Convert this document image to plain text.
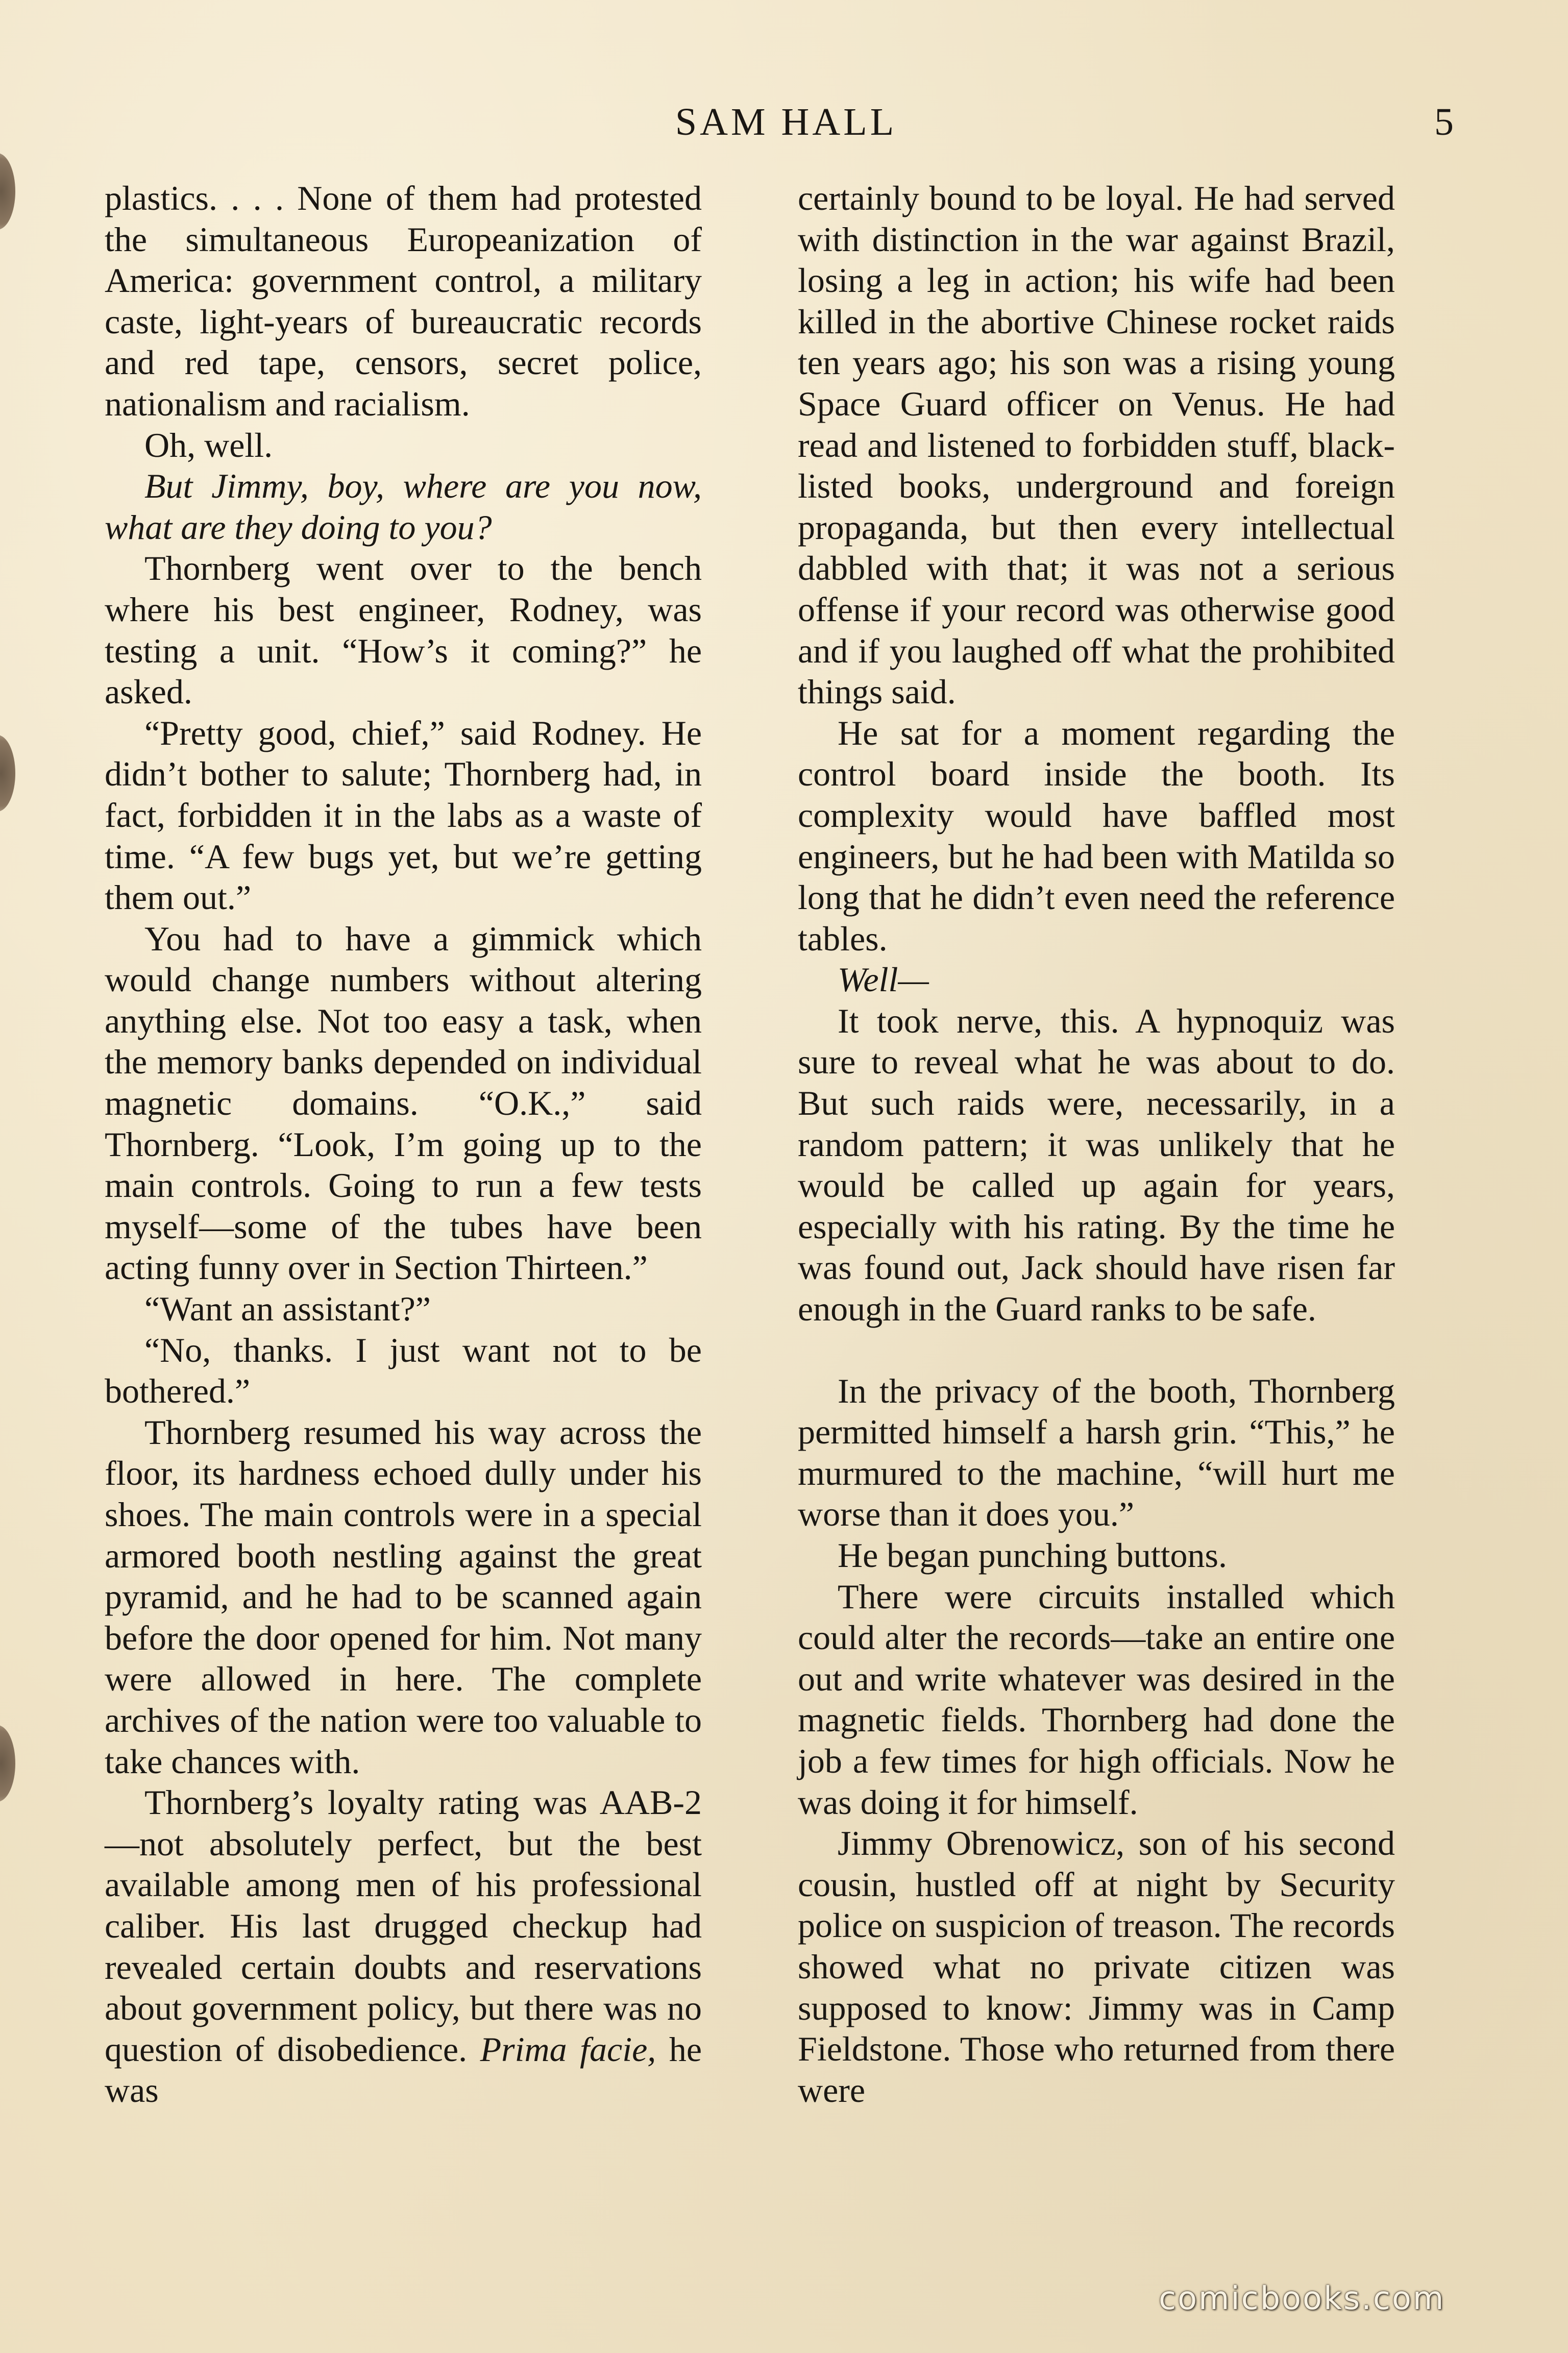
SAM HALL	5

plastics. . . . None of them had protested the simultaneous Europeanization of America: government control, a military caste, light-years of bureaucratic records and red tape, censors, secret police, nationalism and racialism.

Oh, well.

But Jimmy, boy, where are you now, what are they doing to you?

Thornberg went over to the bench where his best engineer, Rodney, was testing a unit. “How’s it coming?” he asked.

“Pretty good, chief,” said Rodney. He didn’t bother to salute; Thornberg had, in fact, forbidden it in the labs as a waste of time. “A few bugs yet, but we’re getting them out.”

You had to have a gimmick which would change numbers without altering anything else. Not too easy a task, when the memory banks depended on individual magnetic domains. “O.K.,” said Thornberg. “Look, I’m going up to the main controls. Going to run a few tests myself—some of the tubes have been acting funny over in Section Thirteen.”

“Want an assistant?”

“No, thanks. I just want not to be bothered.”

Thornberg resumed his way across the floor, its hardness echoed dully under his shoes. The main controls were in a special armored booth nestling against the great pyramid, and he had to be scanned again before the door opened for him. Not many were allowed in here. The complete archives of the nation were too valuable to take chances with.

Thornberg’s loyalty rating was AAB-2—not absolutely perfect, but the best available among men of his professional caliber. His last drugged checkup had revealed certain doubts and reservations about government policy, but there was no question of disobedience. Prima facie, he was

certainly bound to be loyal. He had served with distinction in the war against Brazil, losing a leg in action; his wife had been killed in the abortive Chinese rocket raids ten years ago; his son was a rising young Space Guard officer on Venus. He had read and listened to forbidden stuff, blacklisted books, underground and foreign propaganda, but then every intellectual dabbled with that; it was not a serious offense if your record was otherwise good and if you laughed off what the prohibited things said.

He sat for a moment regarding the control board inside the booth. Its complexity would have baffled most engineers, but he had been with Matilda so long that he didn’t even need the reference tables.

Well—

It took nerve, this. A hypnoquiz was sure to reveal what he was about to do. But such raids were, necessarily, in a random pattern; it was unlikely that he would be called up again for years, especially with his rating. By the time he was found out, Jack should have risen far enough in the Guard ranks to be safe.

In the privacy of the booth, Thornberg permitted himself a harsh grin. “This,” he murmured to the machine, “will hurt me worse than it does you.”

He began punching buttons.

There were circuits installed which could alter the records—take an entire one out and write whatever was desired in the magnetic fields. Thornberg had done the job a few times for high officials. Now he was doing it for himself.

Jimmy Obrenowicz, son of his second cousin, hustled off at night by Security police on suspicion of treason. The records showed what no private citizen was supposed to know: Jimmy was in Camp Fieldstone. Those who returned from there were

comicbooks.com
